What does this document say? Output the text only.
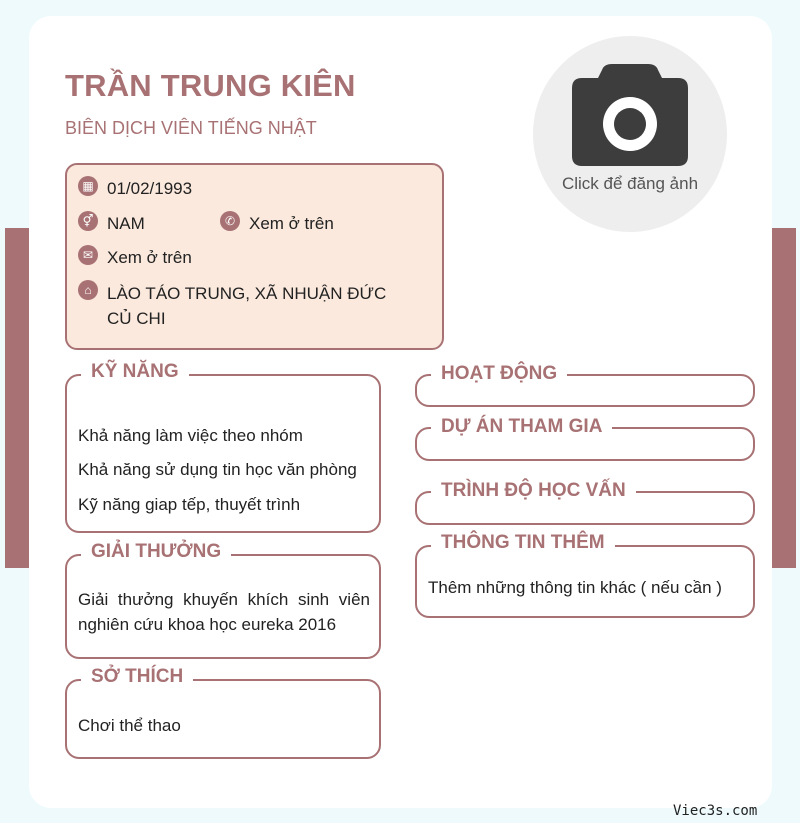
TRẦN TRUNG KIÊN
BIÊN DỊCH VIÊN TIẾNG NHẬT
Click để đăng ảnh
▦ 01/02/1993
⚥ NAM	✆ Xem ở trên
✉ Xem ở trên
⌂ LÀO TÁO TRUNG, XÃ NHUẬN ĐỨC CỦ CHI
KỸ NĂNG
Khả năng làm việc theo nhóm
Khả năng sử dụng tin học văn phòng
Kỹ năng giap tếp, thuyết trình
GIẢI THƯỞNG
Giải thưởng khuyến khích sinh viên nghiên cứu khoa học eureka 2016
SỞ THÍCH
Chơi thể thao
HOẠT ĐỘNG
DỰ ÁN THAM GIA
TRÌNH ĐỘ HỌC VẤN
THÔNG TIN THÊM
Thêm những thông tin khác ( nếu cần )
Viec3s.com
